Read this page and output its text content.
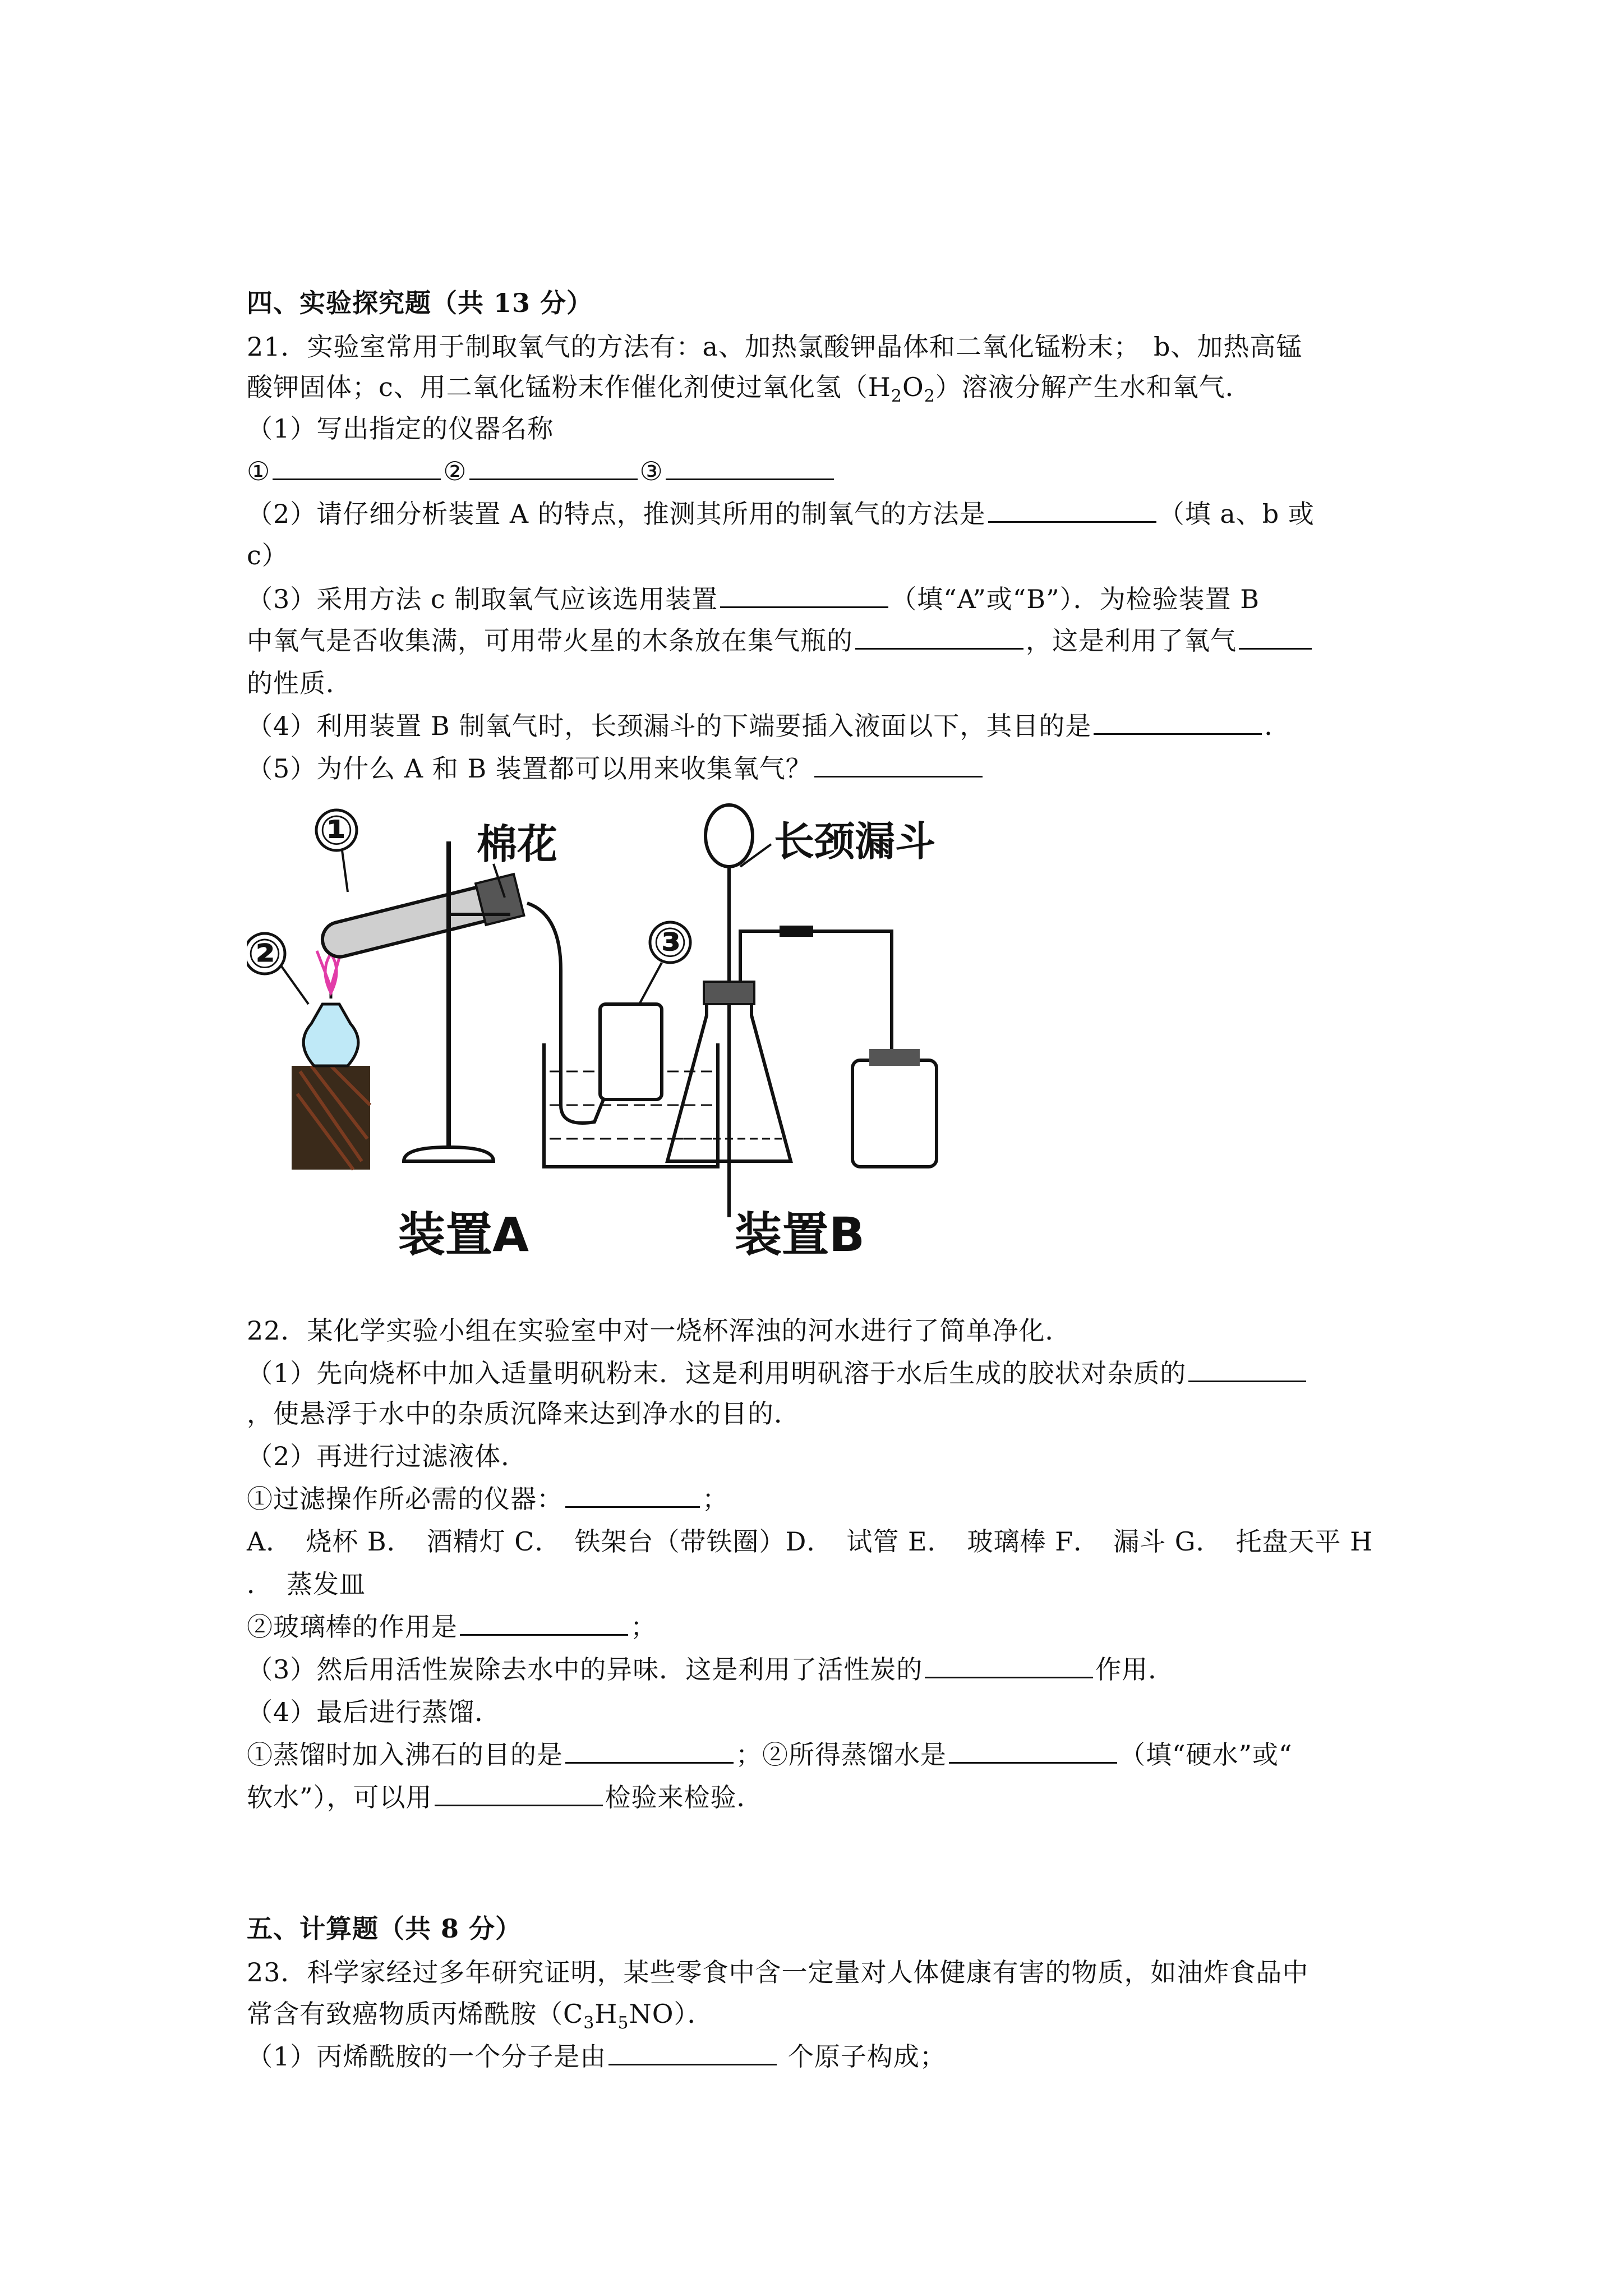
四、实验探究题（共 13 分）
21．实验室常用于制取氧气的方法有：a、加热氯酸钾晶体和二氧化锰粉末；　b、加热高锰
酸钾固体；c、用二氧化锰粉末作催化剂使过氧化氢$(H_2O_2)$溶液分解产生水和氧气．
（1）写出指定的仪器名称
①	②	③
（2）请仔细分析装置 A 的特点，推测其所用的制氧气的方法是	（填 a、b 或
c）
（3）采用方法 c 制取氧气应该选用装置	（填“A”或“B”）．为检验装置 B
中氧气是否收集满，可用带火星的木条放在集气瓶的	，这是利用了氧气
的性质．
（4）利用装置 B 制氧气时，长颈漏斗的下端要插入液面以下，其目的是	．
（5）为什么 A 和 B 装置都可以用来收集氧气？
①
②	③
棉花	长颈漏斗
装置A	装置B
22．某化学实验小组在实验室中对一烧杯浑浊的河水进行了简单净化．
（1）先向烧杯中加入适量明矾粉末．这是利用明矾溶于水后生成的胶状对杂质的
，使悬浮于水中的杂质沉降来达到净水的目的．
（2）再进行过滤液体．
①过滤操作所必需的仪器：	；
A．　烧杯 B．　酒精灯 C．　铁架台（带铁圈）D．　试管 E．　玻璃棒 F．　漏斗 G．　托盘天平 H
．　蒸发皿
②玻璃棒的作用是	；
（3）然后用活性炭除去水中的异味．这是利用了活性炭的	作用．
（4）最后进行蒸馏．
①蒸馏时加入沸石的目的是	；②所得蒸馏水是	（填“硬水”或“
软水”），可以用	检验来检验．
五、计算题（共 8 分）
23．科学家经过多年研究证明，某些零食中含一定量对人体健康有害的物质，如油炸食品中
常含有致癌物质丙烯酰胺$(C_3H_5NO)$．
（1）丙烯酰胺的一个分子是由	个原子构成；
